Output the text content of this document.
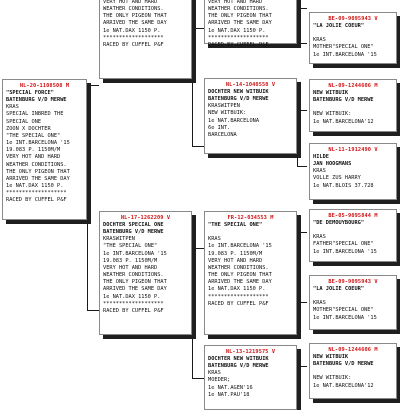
NL-20-1108508 M
"SPECIAL FORCE"
BATENBURG V/D MERWE
KRAS
SPECIAL INBRED THE
SPECIAL ONE
ZOON X DOCHTER
"THE SPECIAL ONE"
1e INT.BARCELONA '15
19.083 P. 1150M/M
VERY HOT AND HARD
WEATHER CONDITIONS.
THE ONLY PIGEON THAT
ARRIVED THE SAME DAY
1e NAT.DAX 1150 P.
*******************
RACED BY CUFFEL P&F
VERY HOT AND HARD
WEATHER CONDITIONS.
THE ONLY PIGEON THAT
ARRIVED THE SAME DAY
1e NAT.DAX 1150 P.
*******************
RACED BY CUFFEL P&F
NL-17-1262209 V
DOCHTER SPECIAL ONE
BATENBURG V/D MERWE
KRASWITPEN
"THE SPECIAL ONE"
1e INT.BARCELONA '15
19.083 P. 1150M/M
VERY HOT AND HARD
WEATHER CONDITIONS.
THE ONLY PIGEON THAT
ARRIVED THE SAME DAY
1e NAT.DAX 1150 P.
*******************
RACED BY CUFFEL P&F
VERY HOT AND HARD
WEATHER CONDITIONS.
THE ONLY PIGEON THAT
ARRIVED THE SAME DAY
1e NAT.DAX 1150 P.
*******************
RACED BY CUFFEL P&F
NL-14-1040550 V
DOCHTER NEW WITBUIK
BATENBURG V/D MERWE
KRASWITPEN
NEW WITBUIK:
1e NAT.BARCELONA
6e INT.
BARCELONA
FR-12-034553 M
"THE SPECIAL ONE"

KRAS
1e INT.BARCELONA '15
19.083 P. 1150M/M
VERY HOT AND HARD
WEATHER CONDITIONS.
THE ONLY PIGEON THAT
ARRIVED THE SAME DAY
1e NAT.DAX 1150 P.
*******************
RACED BY CUFFEL P&F
NL-13-1219575 V
DOCHTER NEW WITBUIK
BATENBURG V/D MERWE
KRAS
MOEDER;
1e NAT.AGEN'16
1e NAT.PAU'18
BE-09-9095943 V
"LA JOLIE COEUR"

KRAS
MOTHER"SPECIAL ONE"
1e INT.BARCELONA '15
NL-09-1244606 M
NEW WITBUIK
BATENBURG V/D MERWE

NEW WITBUIK:
1e NAT.BARCELONA'12
NL-11-1912490 V
HILDE
JAN HOOGMANS
KRAS
VOLLE ZUS HARRY
1e NAT.BLOIS 37.728
BE-05-9095844 M
"DE DEMOUYBOURG"

KRAS
FATHER"SPECIAL ONE"
1e INT.BARCELONA '15
BE-09-9095943 V
"LA JOLIE COEUR"

KRAS
MOTHER"SPECIAL ONE"
1e INT.BARCELONA '15
NL-09-1244606 M
NEW WITBUIK
BATENBURG V/D MERWE

NEW WITBUIK:
1e NAT.BARCELONA'12
